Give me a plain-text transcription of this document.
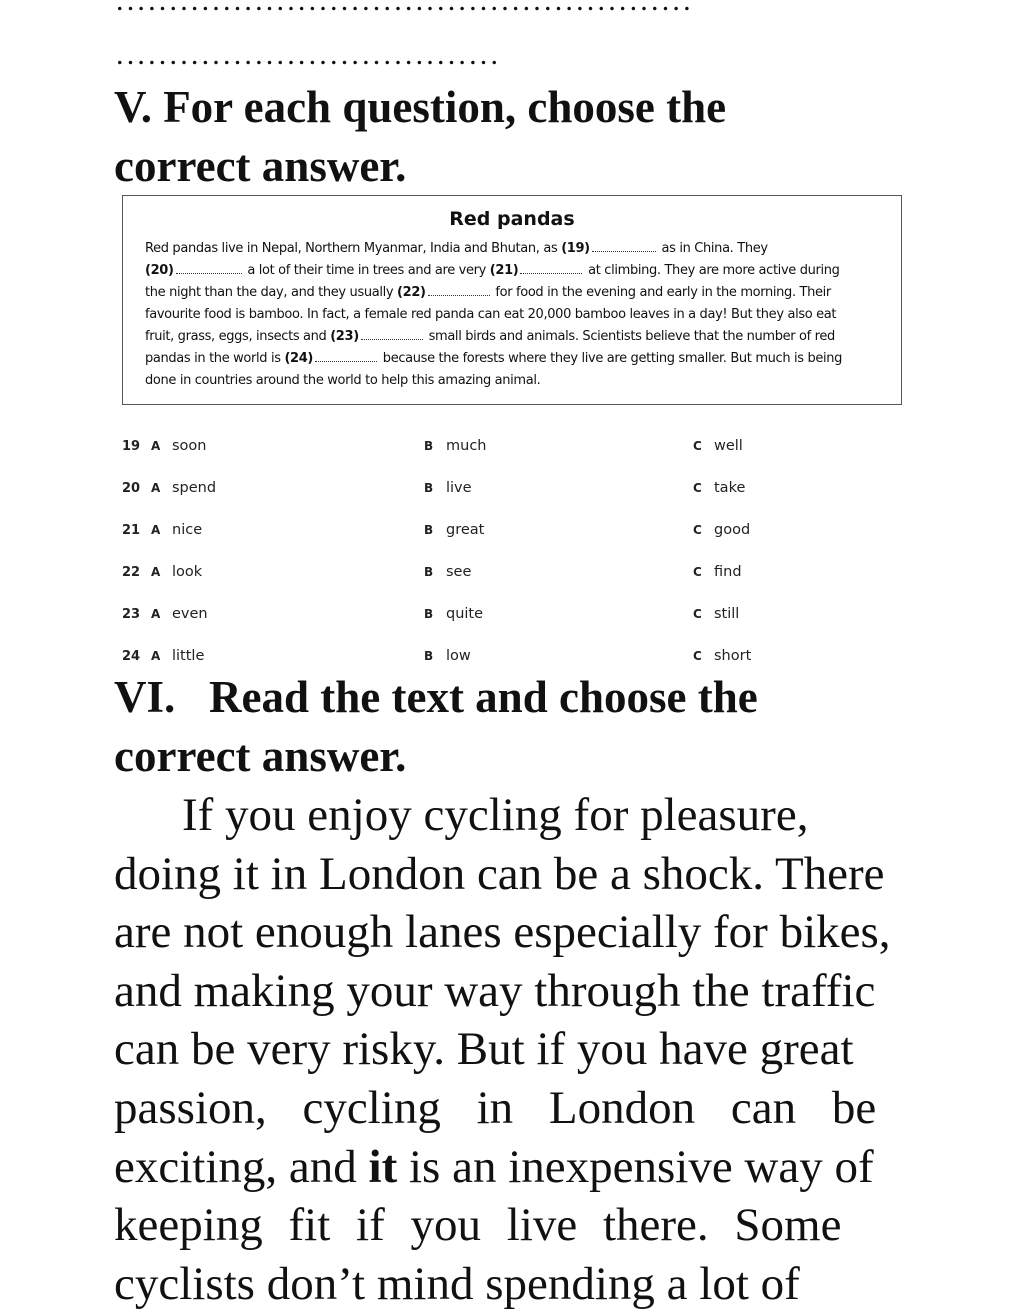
......................................................

....................................

V. For each question, choose the

correct answer.

Red pandas

Red pandas live in Nepal, Northern Myanmar, India and Bhutan, as (19)	as in China. They

(20)	a lot of their time in trees and are very (21)	at climbing. They are more active during

the night than the day, and they usually (22)	for food in the evening and early in the morning. Their

favourite food is bamboo. In fact, a female red panda can eat 20,000 bamboo leaves in a day! But they also eat

fruit, grass, eggs, insects and (23)	small birds and animals. Scientists believe that the number of red

pandas in the world is (24)	because the forests where they live are getting smaller. But much is being

done in countries around the world to help this amazing animal.

19 A soon	B much	C well
20 A spend	B live	C take
21 A nice	B great	C good
22 A look	B see	C find
23 A even	B quite	C still
24 A little	B low	C short

VI.   Read the text and choose the

correct answer.

If you enjoy cycling for pleasure,
doing it in London can be a shock. There
are not enough lanes especially for bikes,
and making your way through the traffic
can be very risky. But if you have great
passion, cycling in London can be
exciting, and it is an inexpensive way of
keeping fit if you live there. Some
cyclists don’t mind spending a lot of
